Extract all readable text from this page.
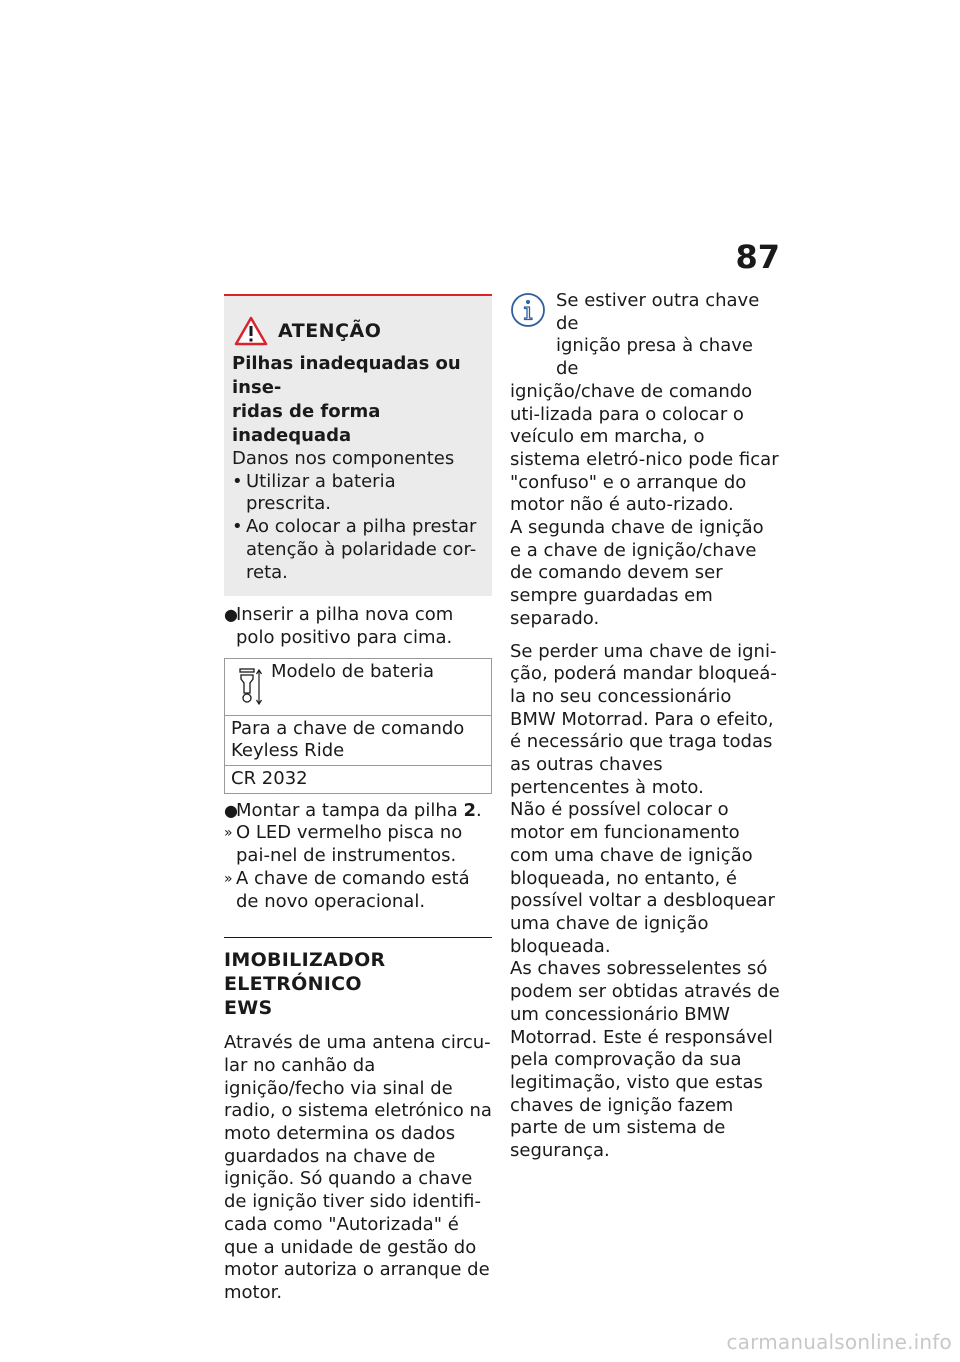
87
ATENÇÃO
Pilhas inadequadas ou inse-
ridas de forma inadequada
Danos nos componentes
• Utilizar a bateria prescrita.
• Ao colocar a pilha prestar atenção à polaridade cor-reta.
●
Inserir a pilha nova com polo positivo para cima.
Modelo de bateria
Para a chave de comando Keyless Ride
CR 2032
●
Montar a tampa da pilha 2.
» O LED vermelho pisca no pai-nel de instrumentos.
» A chave de comando está de novo operacional.
IMOBILIZADOR ELETRÓNICO
EWS

Através de uma antena circu-lar no canhão da ignição/fecho via sinal de radio, o sistema eletrónico na moto determina os dados guardados na chave de ignição. Só quando a chave de ignição tiver sido identifi-cada como "Autorizada" é que a unidade de gestão do motor autoriza o arranque de motor.

Se estiver outra chave de
ignição presa à chave de

ignição/chave de comando uti-lizada para o colocar o veículo em marcha, o sistema eletró-nico pode ficar "confuso" e o arranque do motor não é auto-rizado.

A segunda chave de ignição e a chave de ignição/chave de comando devem ser sempre guardadas em separado.

Se perder uma chave de igni-ção, poderá mandar bloqueá-la no seu concessionário BMW Motorrad. Para o efeito, é necessário que traga todas as outras chaves pertencentes à moto.

Não é possível colocar o motor em funcionamento com uma chave de ignição bloqueada, no entanto, é possível voltar a desbloquear uma chave de ignição bloqueada.

As chaves sobresselentes só podem ser obtidas através de um concessionário BMW Motorrad. Este é responsável pela comprovação da sua legitimação, visto que estas chaves de ignição fazem parte de um sistema de segurança.

carmanualsonline.info
